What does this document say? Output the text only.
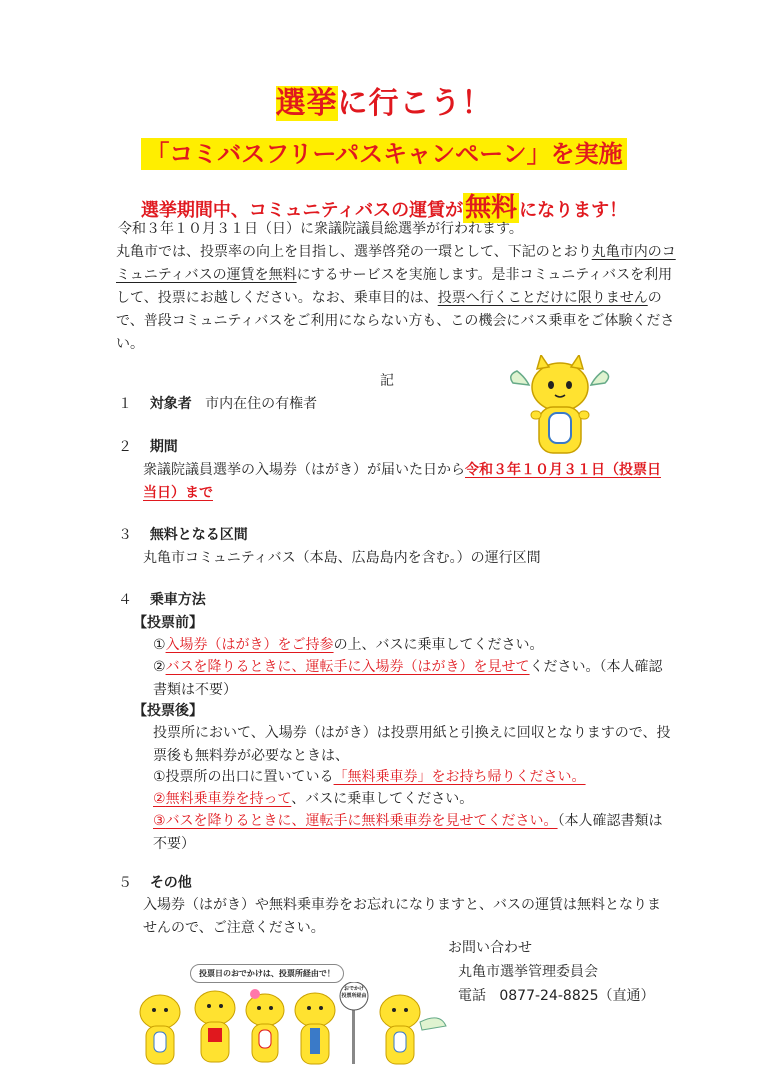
選挙に行こう！
「コミバスフリーパスキャンペーン」を実施
選挙期間中、コミュニティバスの運賃が無料 になります！

令和３年１０月３１日（日）に衆議院議員総選挙が行われます。

丸亀市では、投票率の向上を目指し、選挙啓発の一環として、下記のとおり丸亀市内のコミュニティバスの運賃を無料にするサービスを実施します。是非コミュニティバスを利用して、投票にお越しください。なお、乗車目的は、投票へ行くことだけに限りませんので、普段コミュニティバスをご利用にならない方も、この機会にバス乗車をご体験ください。

記
１ 対象者 市内在住の有権者
２ 期間
衆議院議員選挙の入場券（はがき）が届いた日から令和３年１０月３１日（投票日当日）まで
３ 無料となる区間
丸亀市コミュニティバス（本島、広島島内を含む。）の運行区間
４ 乗車方法
【投票前】
①入場券（はがき）をご持参の上、バスに乗車してください。
②バスを降りるときに、運転手に入場券（はがき）を見せてください。（本人確認書類は不要）
【投票後】
投票所において、入場券（はがき）は投票用紙と引換えに回収となりますので、投票後も無料券が必要なときは、
①投票所の出口に置いている「無料乗車券」をお持ち帰りください。
②無料乗車券を持って、バスに乗車してください。
③バスを降りるときに、運転手に無料乗車券を見せてください。（本人確認書類は不要）
５ その他
入場券（はがき）や無料乗車券をお忘れになりますと、バスの運賃は無料となりませんので、ご注意ください。
お問い合わせ
丸亀市選挙管理委員会
電話 0877-24-8825（直通）
投票日のおでかけは、投票所経由で！
おでかけ
投票所経由
